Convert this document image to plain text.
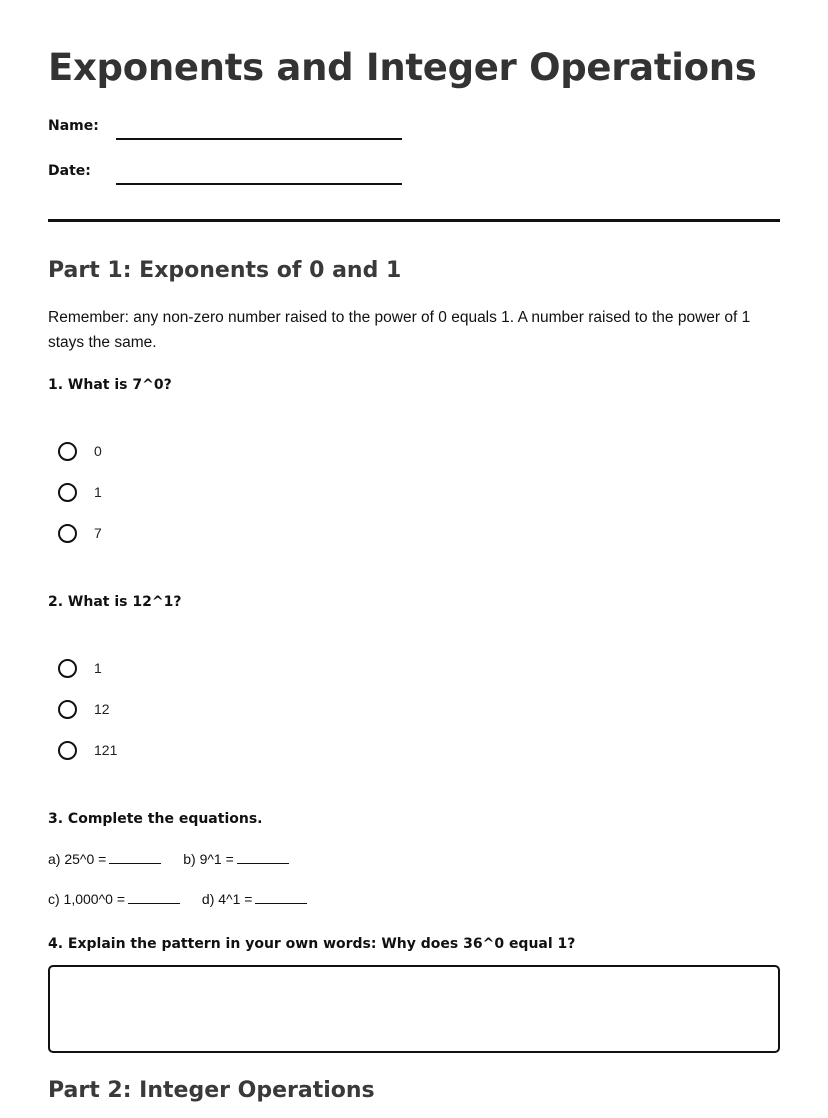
Exponents and Integer Operations
Name:
Date:
Part 1: Exponents of 0 and 1

Remember: any non-zero number raised to the power of 0 equals 1. A number raised to the power of 1 stays the same.

1. What is 7^0?

0
1
7

2. What is 12^1?

1
12
121

3. Complete the equations.

a) 25^0 =	b) 9^1 =
c) 1,000^0 =	d) 4^1 =

4. Explain the pattern in your own words: Why does 36^0 equal 1?

Part 2: Integer Operations
